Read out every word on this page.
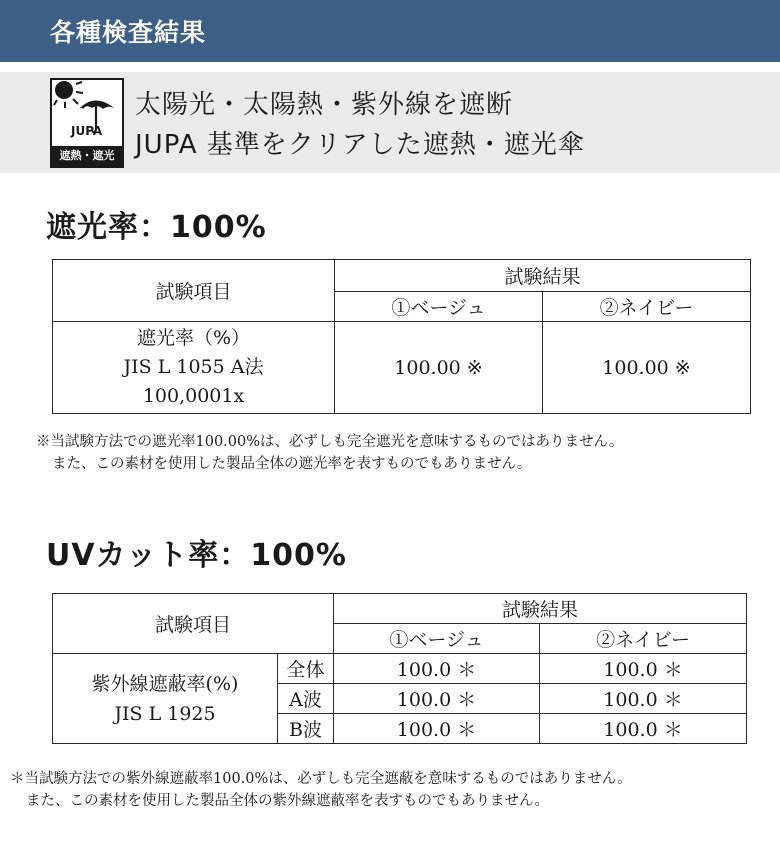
各種検査結果
JUPA
遮熱・遮光
太陽光・太陽熱・紫外線を遮断
JUPA 基準をクリアした遮熱・遮光傘
遮光率：100%
試験項目	試験結果	
	①ベージュ	②ネイビー

遮光率（%）
JIS L 1055 A法
100,0001x	100.00 ※	100.00 ※
※当試験方法での遮光率100.00%は、必ずしも完全遮光を意味するものではありません。
また、この素材を使用した製品全体の遮光率を表すものでもありません。
UVカット率：100%
試験項目		試験結果	
		①ベージュ	②ネイビー

紫外線遮蔽率(%)
JIS L 1925	全体	100.0 ＊	100.0 ＊
	A波	100.0 ＊	100.0 ＊
	B波	100.0 ＊	100.0 ＊
＊当試験方法での紫外線遮蔽率100.0%は、必ずしも完全遮蔽を意味するものではありません。
また、この素材を使用した製品全体の紫外線遮蔽率を表すものでもありません。
